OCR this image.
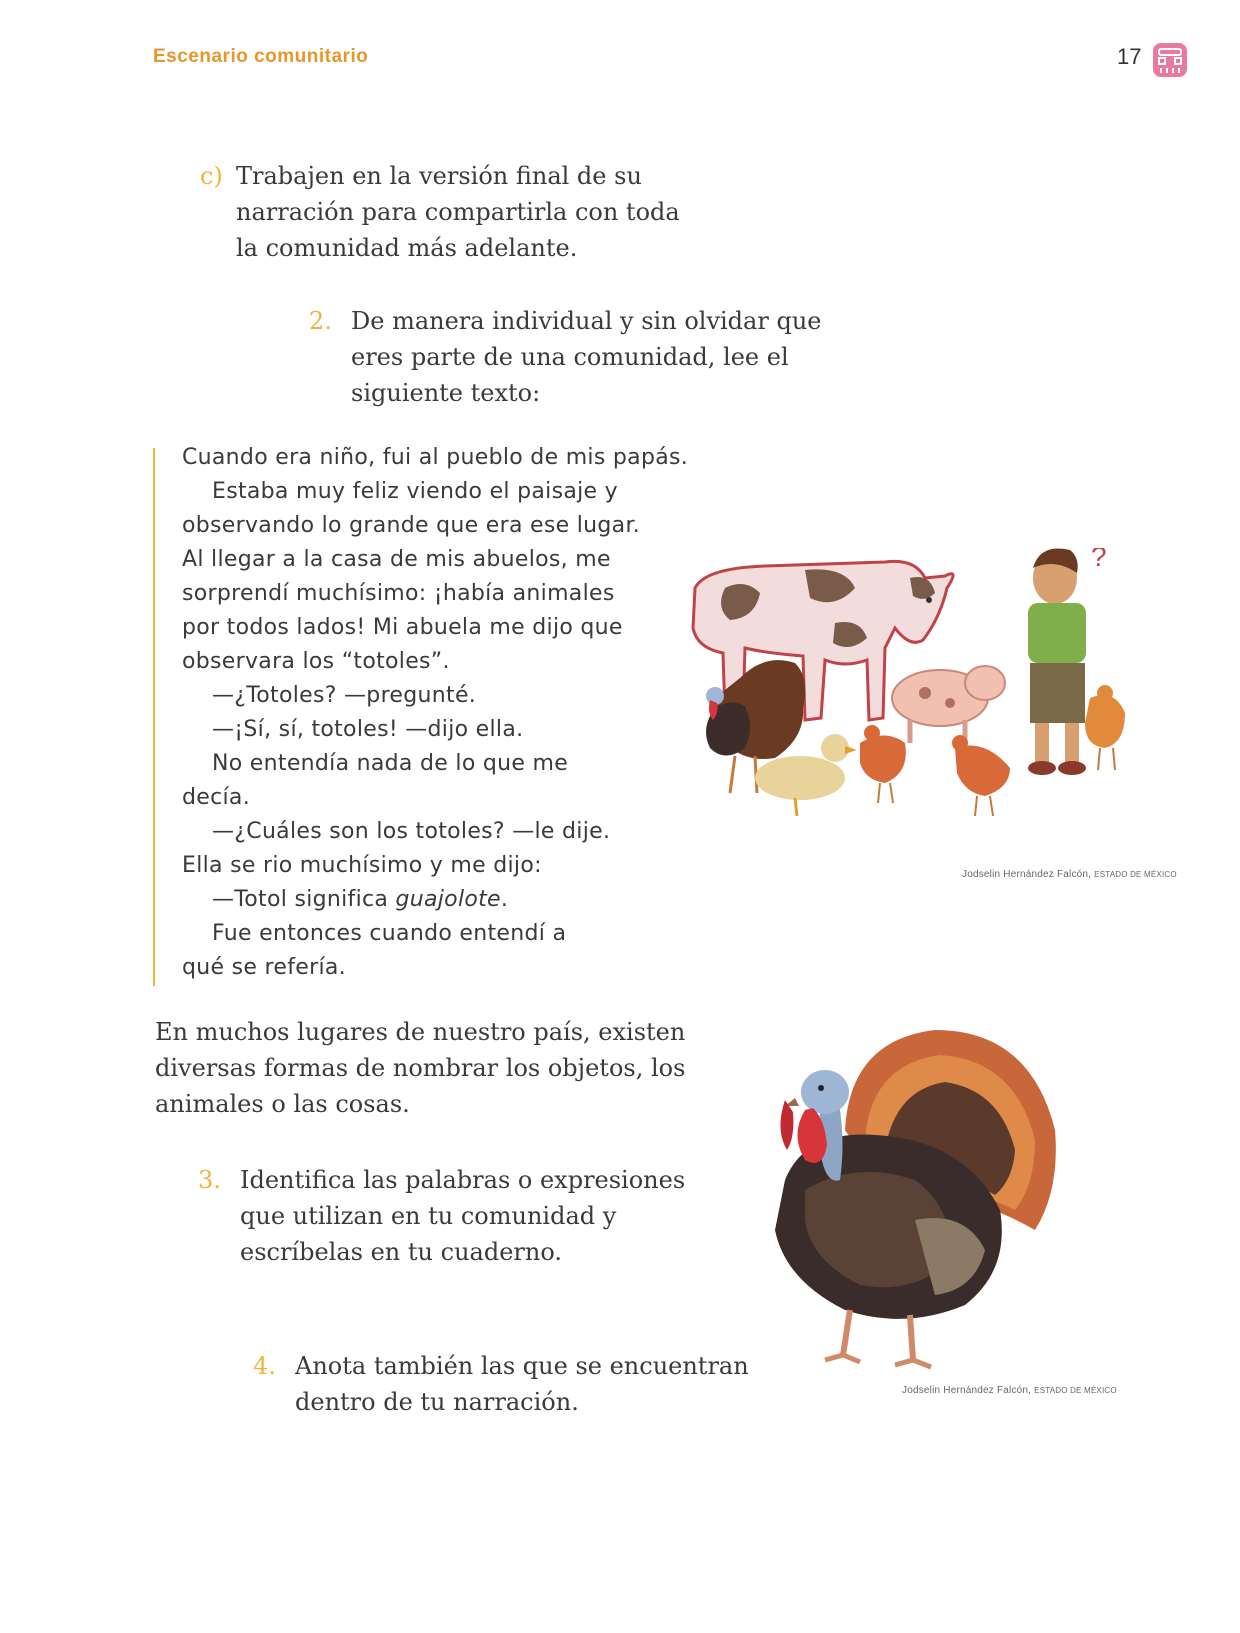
Escenario comunitario	17
c) Trabajen en la versión final de su
narración para compartirla con toda
la comunidad más adelante.
2. De manera individual y sin olvidar que
eres parte de una comunidad, lee el
siguiente texto:
Cuando era niño, fui al pueblo de mis papás.
Estaba muy feliz viendo el paisaje y
observando lo grande que era ese lugar.
Al llegar a la casa de mis abuelos, me
sorprendí muchísimo: ¡había animales
por todos lados! Mi abuela me dijo que
observara los “totoles”.
—¿Totoles? —pregunté.
—¡Sí, sí, totoles! —dijo ella.
No entendía nada de lo que me
decía.
—¿Cuáles son los totoles? —le dije.
Ella se rio muchísimo y me dijo:
—Totol significa guajolote.
Fue entonces cuando entendí a
qué se refería.
?
Jodselin Hernández Falcón, ESTADO DE MÉXICO
En muchos lugares de nuestro país, existen
diversas formas de nombrar los objetos, los
animales o las cosas.
3. Identifica las palabras o expresiones
que utilizan en tu comunidad y
escríbelas en tu cuaderno.
4. Anota también las que se encuentran
dentro de tu narración.	Jodselin Hernández Falcón, ESTADO DE MÉXICO
